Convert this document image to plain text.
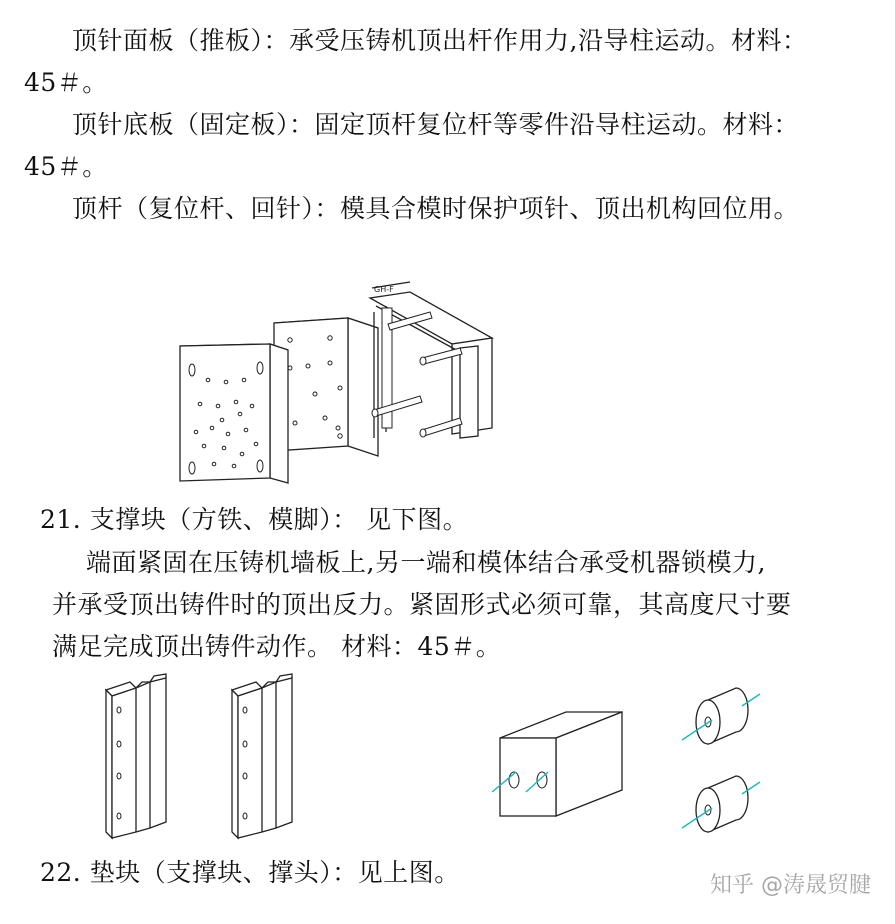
顶针面板（推板）：承受压铸机顶出杆作用力,沿导柱运动。材料：

45＃。

顶针底板（固定板）：固定顶杆复位杆等零件沿导柱运动。材料：

45＃。

顶杆（复位杆、回针）：模具合模时保护项针、顶出机构回位用。

GH-F

21. 支撑块（方铁、模脚）： 见下图。

端面紧固在压铸机墙板上,另一端和模体结合承受机器锁模力,

并承受顶出铸件时的顶出反力。紧固形式必须可靠，其高度尺寸要

满足完成顶出铸件动作。 材料：45＃。

22. 垫块（支撑块、撑头）：见上图。	知乎 @涛晟贸腱
